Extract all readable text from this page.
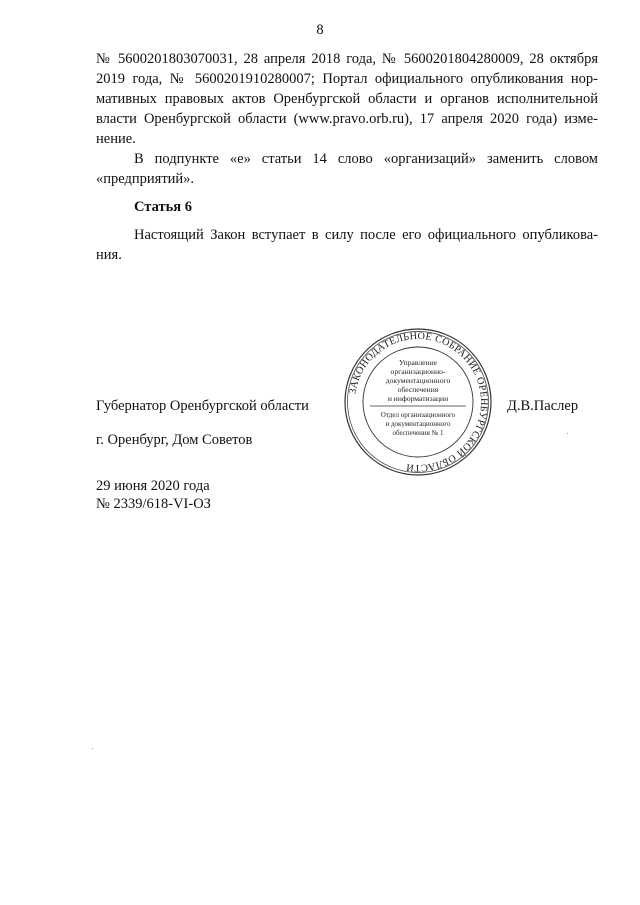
8
№ 5600201803070031, 28 апреля 2018 года, № 5600201804280009, 28 октября
2019 года, № 5600201910280007; Портал официального опубликования нор-
мативных правовых актов Оренбургской области и органов исполнительной
власти Оренбургской области (www.pravo.orb.ru), 17 апреля 2020 года) изме-
нение.
В подпункте «е» статьи 14 слово «организаций» заменить словом
«предприятий».
Статья 6
Настоящий Закон вступает в силу после его официального опубликова-
ния.
Губернатор Оренбургской области	Д.В.Паслер
г. Оренбург, Дом Советов
29 июня 2020 года
№ 2339/618-VI-ОЗ
ЗАКОНОДАТЕЛЬНОЕ СОБРАНИЕ ОРЕНБУРГСКОЙ ОБЛАСТИ
Управление
организационно-
документационного
обеспечения
и информатизации
Отдел организационного
и документационного
обеспечения № 1
